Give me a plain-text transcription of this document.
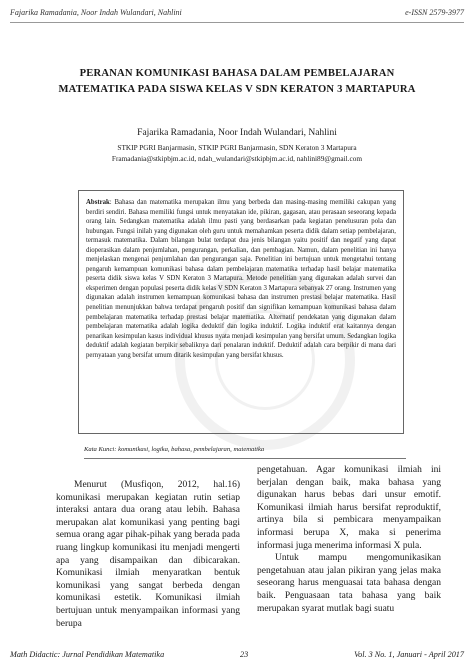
Fajarika Ramadania, Noor Indah Wulandari, Nahlini	e-ISSN 2579-3977
PERANAN KOMUNIKASI BAHASA DALAM PEMBELAJARAN MATEMATIKA PADA SISWA KELAS V SDN KERATON 3 MARTAPURA
Fajarika Ramadania, Noor Indah Wulandari, Nahlini
STKIP PGRI Banjarmasin, STKIP PGRI Banjarmasin, SDN Keraton 3 Martapura
Framadania@stkipbjm.ac.id, ndah_wulandari@stkipbjm.ac.id, nahlini89@gmail.com
Abstrak: Bahasa dan matematika merupakan ilmu yang berbeda dan masing-masing memiliki cakupan yang berdiri sendiri. Bahasa memiliki fungsi untuk menyatakan ide, pikiran, gagasan, atau perasaan seseorang kepada orang lain. Sedangkan matematika adalah ilmu pasti yang berdasarkan pada kegiatan penelusuran pola dan hubungan. Fungsi inilah yang digunakan oleh guru untuk memahamkan peserta didik dalam setiap pembelajaran, termasuk matematika. Dalam bilangan bulat terdapat dua jenis bilangan yaitu positif dan negatif yang dapat dioperasikan dalam penjumlahan, pengurangan, perkalian, dan pembagian. Namun, dalam penelitian ini hanya menjelaskan mengenai penjumlahan dan pengurangan saja. Penelitian ini bertujuan untuk mengetahui tentang pengaruh kemampuan komunikasi bahasa dalam pembelajaran matematika terhadap hasil belajar matematika peserta didik siswa kelas V SDN Keraton 3 Martapura. Metode penelitian yang digunakan adalah survei dan eksperimen dengan populasi peserta didik kelas V SDN Keraton 3 Martapura sebanyak 27 orang. Instrumen yang digunakan adalah instrumen kemampuan komunikasi bahasa dan instrumen prestasi belajar matematika. Hasil penelitian menunjukkan bahwa terdapat pengaruh positif dan signifikan kemampuan komunikasi bahasa dalam pembelajaran matematika terhadap prestasi belajar matematika. Alternatif pendekatan yang digunakan dalam pembelajaran matematika adalah logika deduktif dan logika induktif. Logika induktif erat kaitannya dengan penarikan kesimpulan kasus individual khusus nyata menjadi kesimpulan yang bersifat umum. Sedangkan logika deduktif adalah kegiatan berpikir sebaliknya dari penalaran induktif. Deduktif adalah cara berpikir di mana dari pernyataan yang bersifat umum ditarik kesimpulan yang bersifat khusus.
Kata Kunci: komunikasi, logika, bahasa, pembelajaran, matematika

Menurut (Musfiqon, 2012, hal.16) komunikasi merupakan kegiatan rutin setiap interaksi antara dua orang atau lebih. Bahasa merupakan alat komunikasi yang penting bagi semua orang agar pihak-pihak yang berada pada ruang lingkup komunikasi itu menjadi mengerti apa yang disampaikan dan dibicarakan. Komunikasi ilmiah menyaratkan bentuk komunikasi yang sangat berbeda dengan komunikasi estetik. Komunikasi ilmiah bertujuan untuk menyampaikan informasi yang berupa

pengetahuan. Agar komunikasi ilmiah ini berjalan dengan baik, maka bahasa yang digunakan harus bebas dari unsur emotif. Komunikasi ilmiah harus bersifat reproduktif, artinya bila si pembicara menyampaikan informasi berupa X, maka si penerima informasi juga menerima informasi X pula.

Untuk mampu mengomunikasikan pengetahuan atau jalan pikiran yang jelas maka seseorang harus menguasai tata bahasa dengan baik. Penguasaan tata bahasa yang baik merupakan syarat mutlak bagi suatu

Math Didactic: Jurnal Pendidikan Matematika	23	Vol. 3 No. 1, Januari - April 2017
